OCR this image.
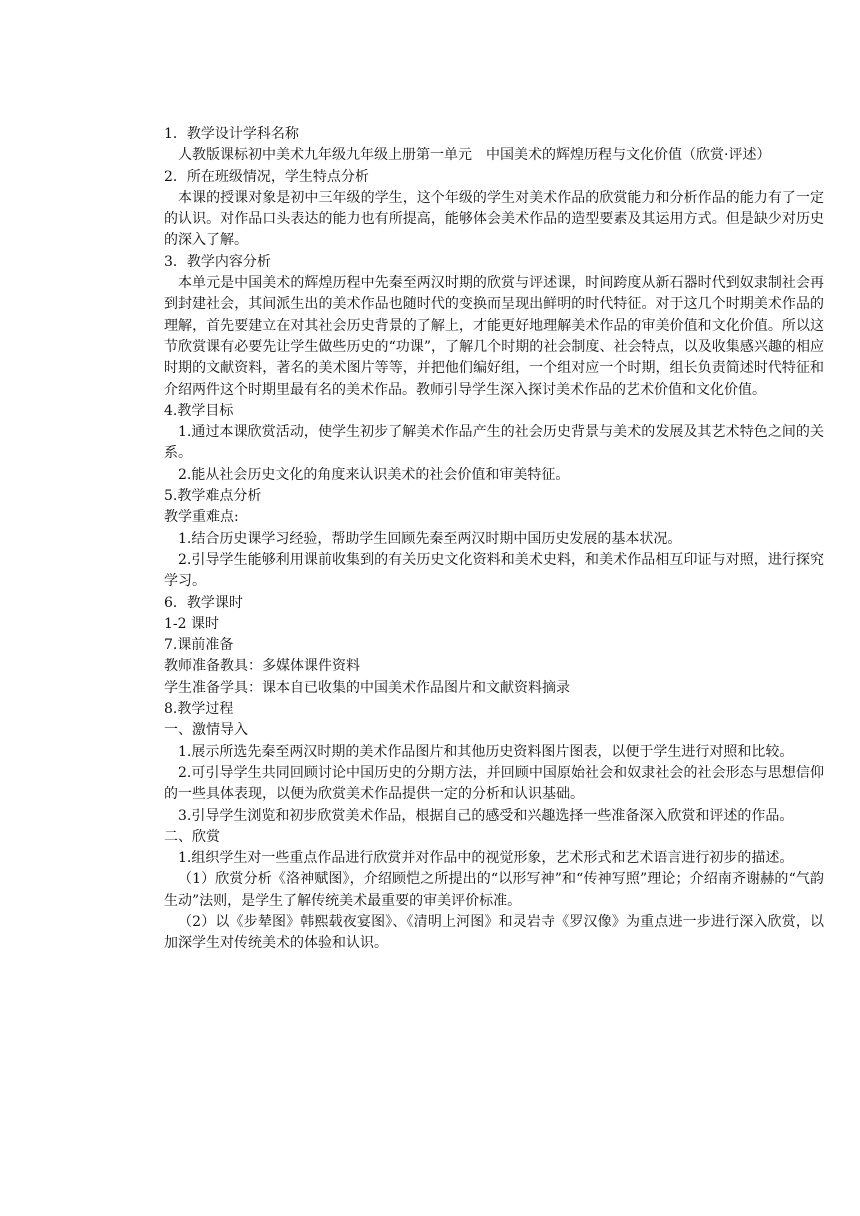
1．教学设计学科名称

人教版课标初中美术九年级九年级上册第一单元　中国美术的辉煌历程与文化价值（欣赏·评述）

2．所在班级情况，学生特点分析

本课的授课对象是初中三年级的学生，这个年级的学生对美术作品的欣赏能力和分析作品的能力有了一定的认识。对作品口头表达的能力也有所提高，能够体会美术作品的造型要素及其运用方式。但是缺少对历史的深入了解。

3．教学内容分析

本单元是中国美术的辉煌历程中先秦至两汉时期的欣赏与评述课，时间跨度从新石器时代到奴隶制社会再到封建社会，其间派生出的美术作品也随时代的变换而呈现出鲜明的时代特征。对于这几个时期美术作品的理解，首先要建立在对其社会历史背景的了解上，才能更好地理解美术作品的审美价值和文化价值。所以这节欣赏课有必要先让学生做些历史的“功课”，了解几个时期的社会制度、社会特点，以及收集感兴趣的相应时期的文献资料，著名的美术图片等等，并把他们编好组，一个组对应一个时期，组长负责简述时代特征和介绍两件这个时期里最有名的美术作品。教师引导学生深入探讨美术作品的艺术价值和文化价值。

4.教学目标

1.通过本课欣赏活动，使学生初步了解美术作品产生的社会历史背景与美术的发展及其艺术特色之间的关系。

2.能从社会历史文化的角度来认识美术的社会价值和审美特征。

5.教学难点分析

教学重难点:

1.结合历史课学习经验，帮助学生回顾先秦至两汉时期中国历史发展的基本状况。

2.引导学生能够利用课前收集到的有关历史文化资料和美术史料，和美术作品相互印证与对照，进行探究学习。

6．教学课时

1-2 课时

7.课前准备

教师准备教具：多媒体课件资料

学生准备学具：课本自已收集的中国美术作品图片和文献资料摘录

8.教学过程

一、激情导入

1.展示所选先秦至两汉时期的美术作品图片和其他历史资料图片图表，以便于学生进行对照和比较。

2.可引导学生共同回顾讨论中国历史的分期方法，并回顾中国原始社会和奴隶社会的社会形态与思想信仰的一些具体表现，以便为欣赏美术作品提供一定的分析和认识基础。

3.引导学生浏览和初步欣赏美术作品，根据自己的感受和兴趣选择一些准备深入欣赏和评述的作品。

二、欣赏

1.组织学生对一些重点作品进行欣赏并对作品中的视觉形象，艺术形式和艺术语言进行初步的描述。

（1）欣赏分析《洛神赋图》，介绍顾恺之所提出的“以形写神”和“传神写照”理论；介绍南齐谢赫的“气韵生动”法则，是学生了解传统美术最重要的审美评价标准。

（2）以《步辇图》韩熙载夜宴图》、《清明上河图》和灵岩寺《罗汉像》为重点进一步进行深入欣赏，以加深学生对传统美术的体验和认识。
